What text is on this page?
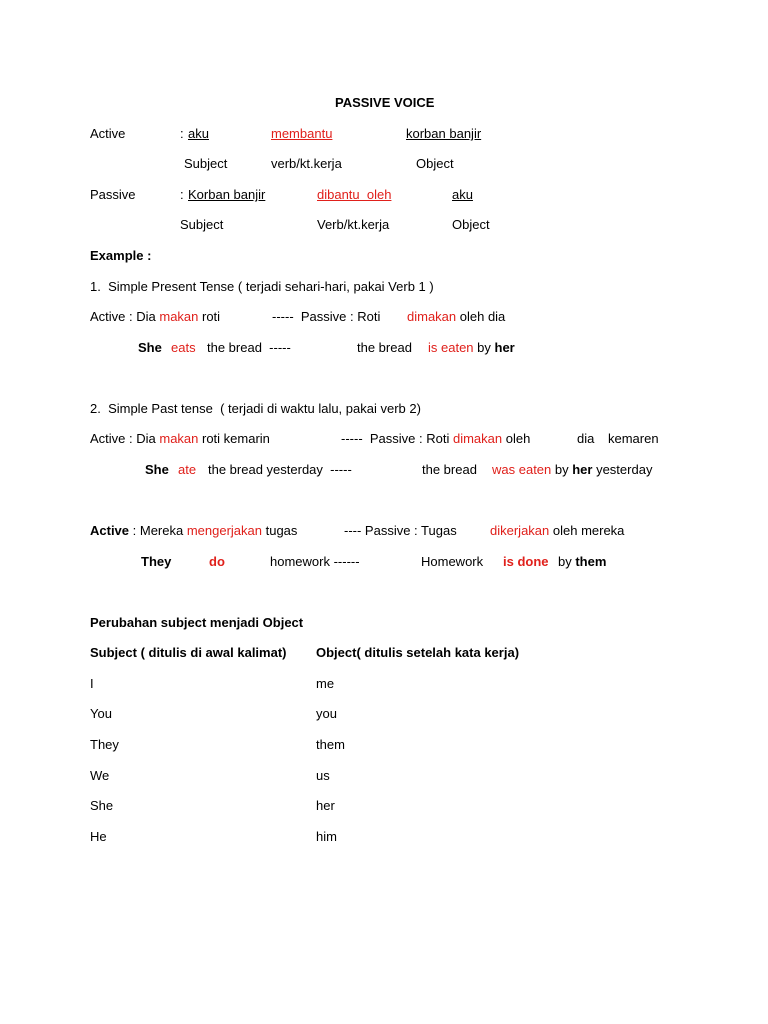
PASSIVE VOICE
Active	: aku	membantu	korban banjir
Subject	verb/kt.kerja	Object
Passive	: Korban banjir	dibantu  oleh	aku
Subject	Verb/kt.kerja	Object
Example :
1.  Simple Present Tense ( terjadi sehari-hari, pakai Verb 1 )
Active : Dia makan roti	-----  Passive : Roti dimakan oleh dia
She eats the bread  -----	the bread is eaten by her
2.  Simple Past tense  ( terjadi di waktu lalu, pakai verb 2)
Active : Dia makan roti kemarin	-----  Passive : Roti dimakan oleh	dia kemaren
She ate the bread yesterday  -----	the bread was eaten by her yesterday
Active : Mereka mengerjakan tugas	---- Passive : Tugas	dikerjakan oleh mereka
They	do	homework ------	Homework is done by them
Perubahan subject menjadi Object
Subject ( ditulis di awal kalimat) Object( ditulis setelah kata kerja)
I	me
You	you
They	them
We	us
She	her
He	him
